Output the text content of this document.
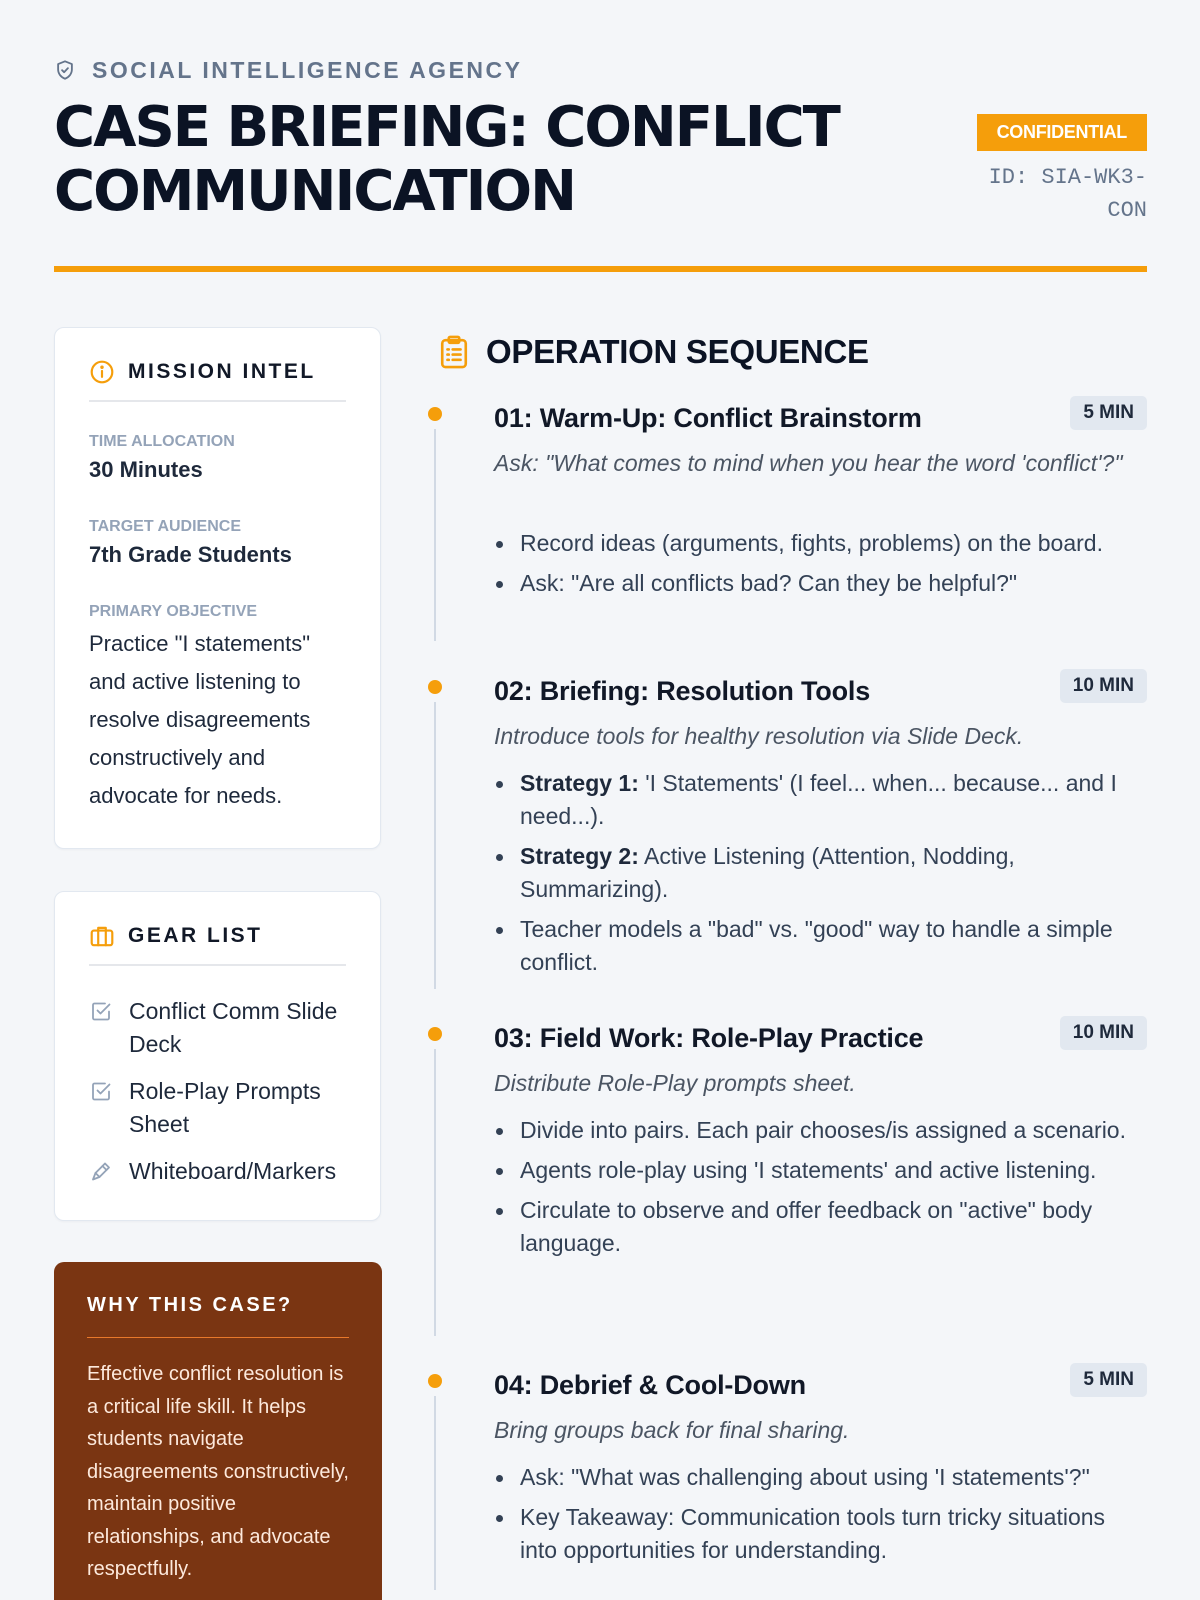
SOCIAL INTELLIGENCE AGENCY
CASE BRIEFING: CONFLICT COMMUNICATION
CONFIDENTIAL
ID: SIA-WK3-CON
MISSION INTEL
TIME ALLOCATION
30 Minutes
TARGET AUDIENCE
7th Grade Students
PRIMARY OBJECTIVE
Practice "I statements" and active listening to resolve disagreements constructively and advocate for needs.
GEAR LIST
Conflict Comm Slide Deck
Role-Play Prompts Sheet
Whiteboard/Markers
WHY THIS CASE?
Effective conflict resolution is a critical life skill. It helps students navigate disagreements constructively, maintain positive relationships, and advocate respectfully.
OPERATION SEQUENCE
01: Warm-Up: Conflict Brainstorm	5 MIN
Ask: "What comes to mind when you hear the word 'conflict'?"
Record ideas (arguments, fights, problems) on the board.
Ask: "Are all conflicts bad? Can they be helpful?"
02: Briefing: Resolution Tools	10 MIN
Introduce tools for healthy resolution via Slide Deck.
Strategy 1: 'I Statements' (I feel... when... because... and I need...).
Strategy 2: Active Listening (Attention, Nodding, Summarizing).
Teacher models a "bad" vs. "good" way to handle a simple conflict.
03: Field Work: Role-Play Practice	10 MIN
Distribute Role-Play prompts sheet.
Divide into pairs. Each pair chooses/is assigned a scenario.
Agents role-play using 'I statements' and active listening.
Circulate to observe and offer feedback on "active" body language.
04: Debrief & Cool-Down	5 MIN
Bring groups back for final sharing.
Ask: "What was challenging about using 'I statements'?"
Key Takeaway: Communication tools turn tricky situations into opportunities for understanding.
